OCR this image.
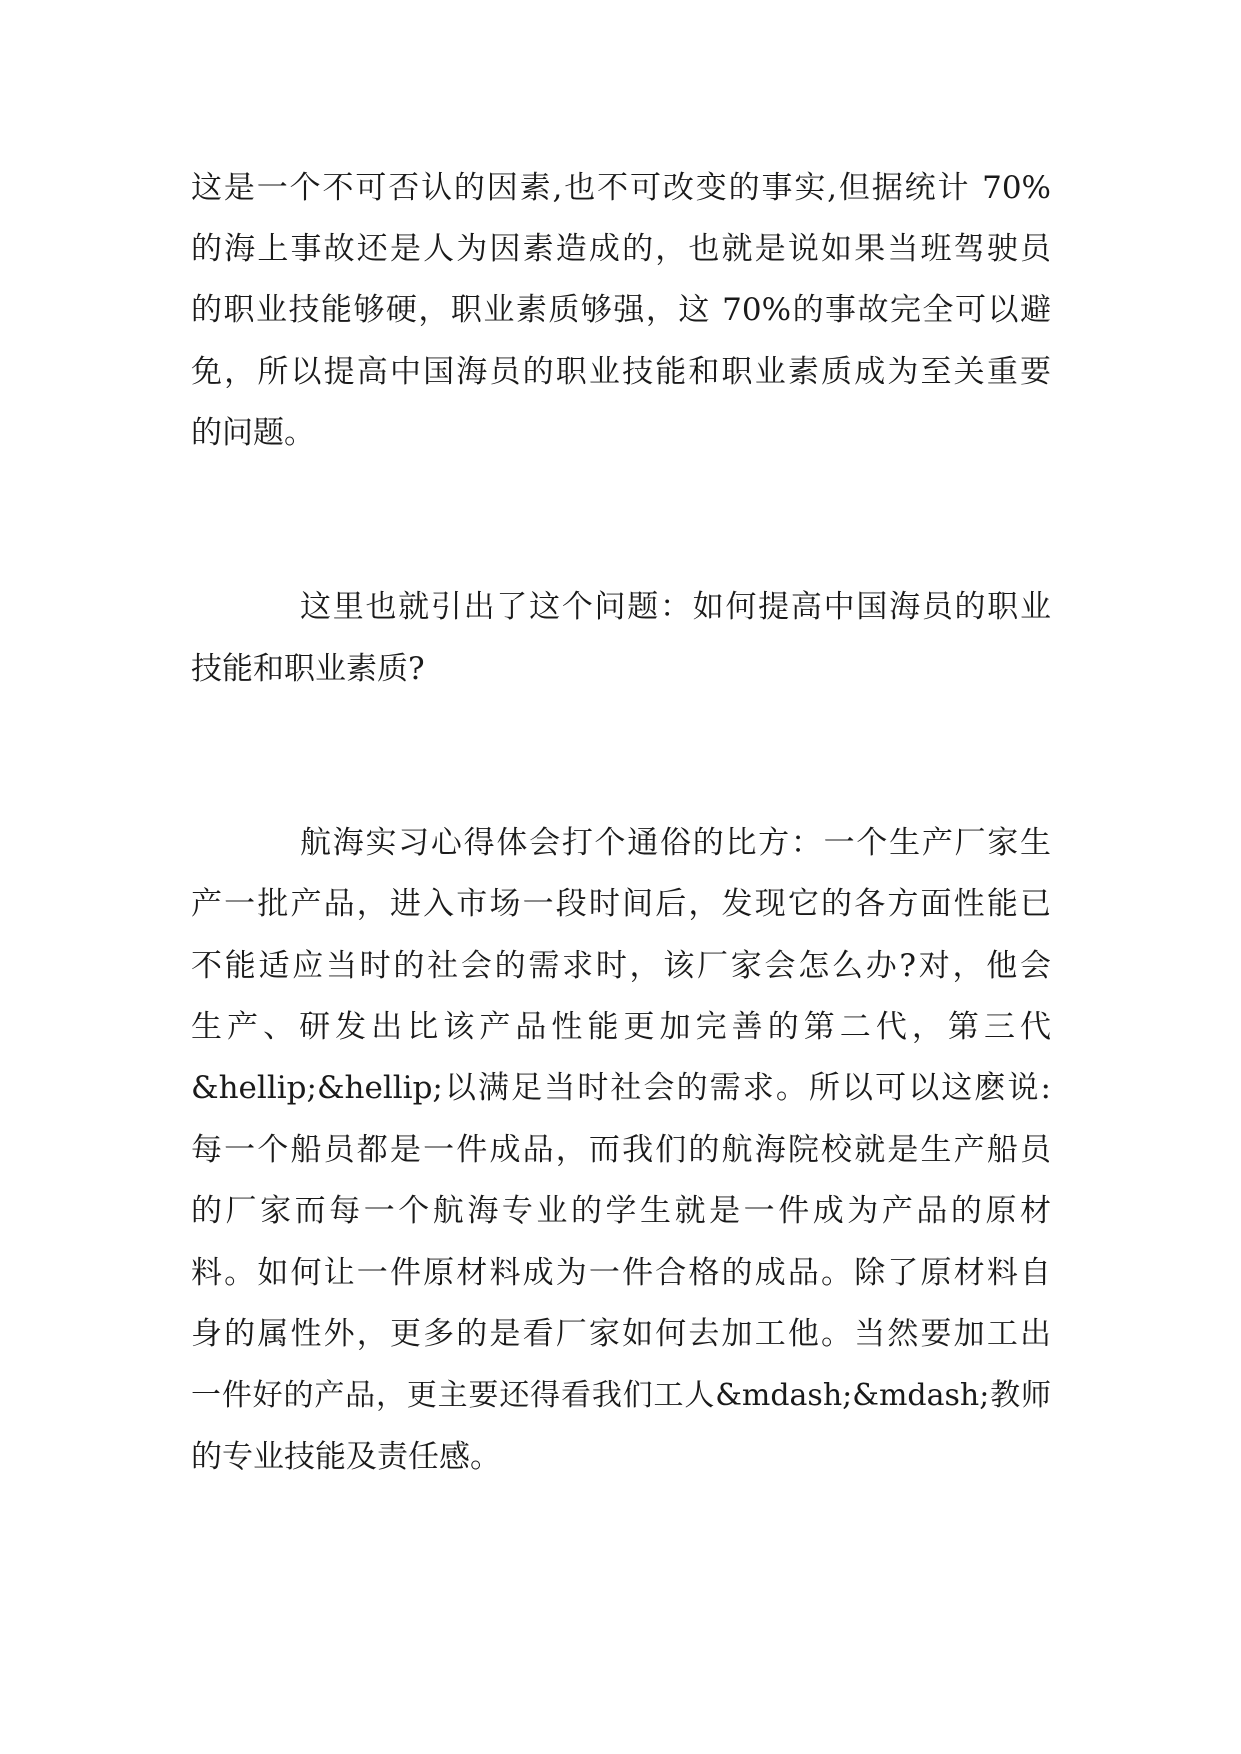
这是一个不可否认的因素,也不可改变的事实,但据统计 70%
的海上事故还是人为因素造成的，也就是说如果当班驾驶员
的职业技能够硬，职业素质够强，这 70%的事故完全可以避
免，所以提高中国海员的职业技能和职业素质成为至关重要
的问题。
这里也就引出了这个问题：如何提高中国海员的职业
技能和职业素质?
航海实习心得体会打个通俗的比方：一个生产厂家生
产一批产品，进入市场一段时间后，发现它的各方面性能已
不能适应当时的社会的需求时，该厂家会怎么办?对，他会
生产、研发出比该产品性能更加完善的第二代，第三代
&hellip;&hellip;以满足当时社会的需求。所以可以这麽说:
每一个船员都是一件成品，而我们的航海院校就是生产船员
的厂家而每一个航海专业的学生就是一件成为产品的原材
料。如何让一件原材料成为一件合格的成品。除了原材料自
身的属性外，更多的是看厂家如何去加工他。当然要加工出
一件好的产品，更主要还得看我们工人&mdash;&mdash;教师
的专业技能及责任感。
